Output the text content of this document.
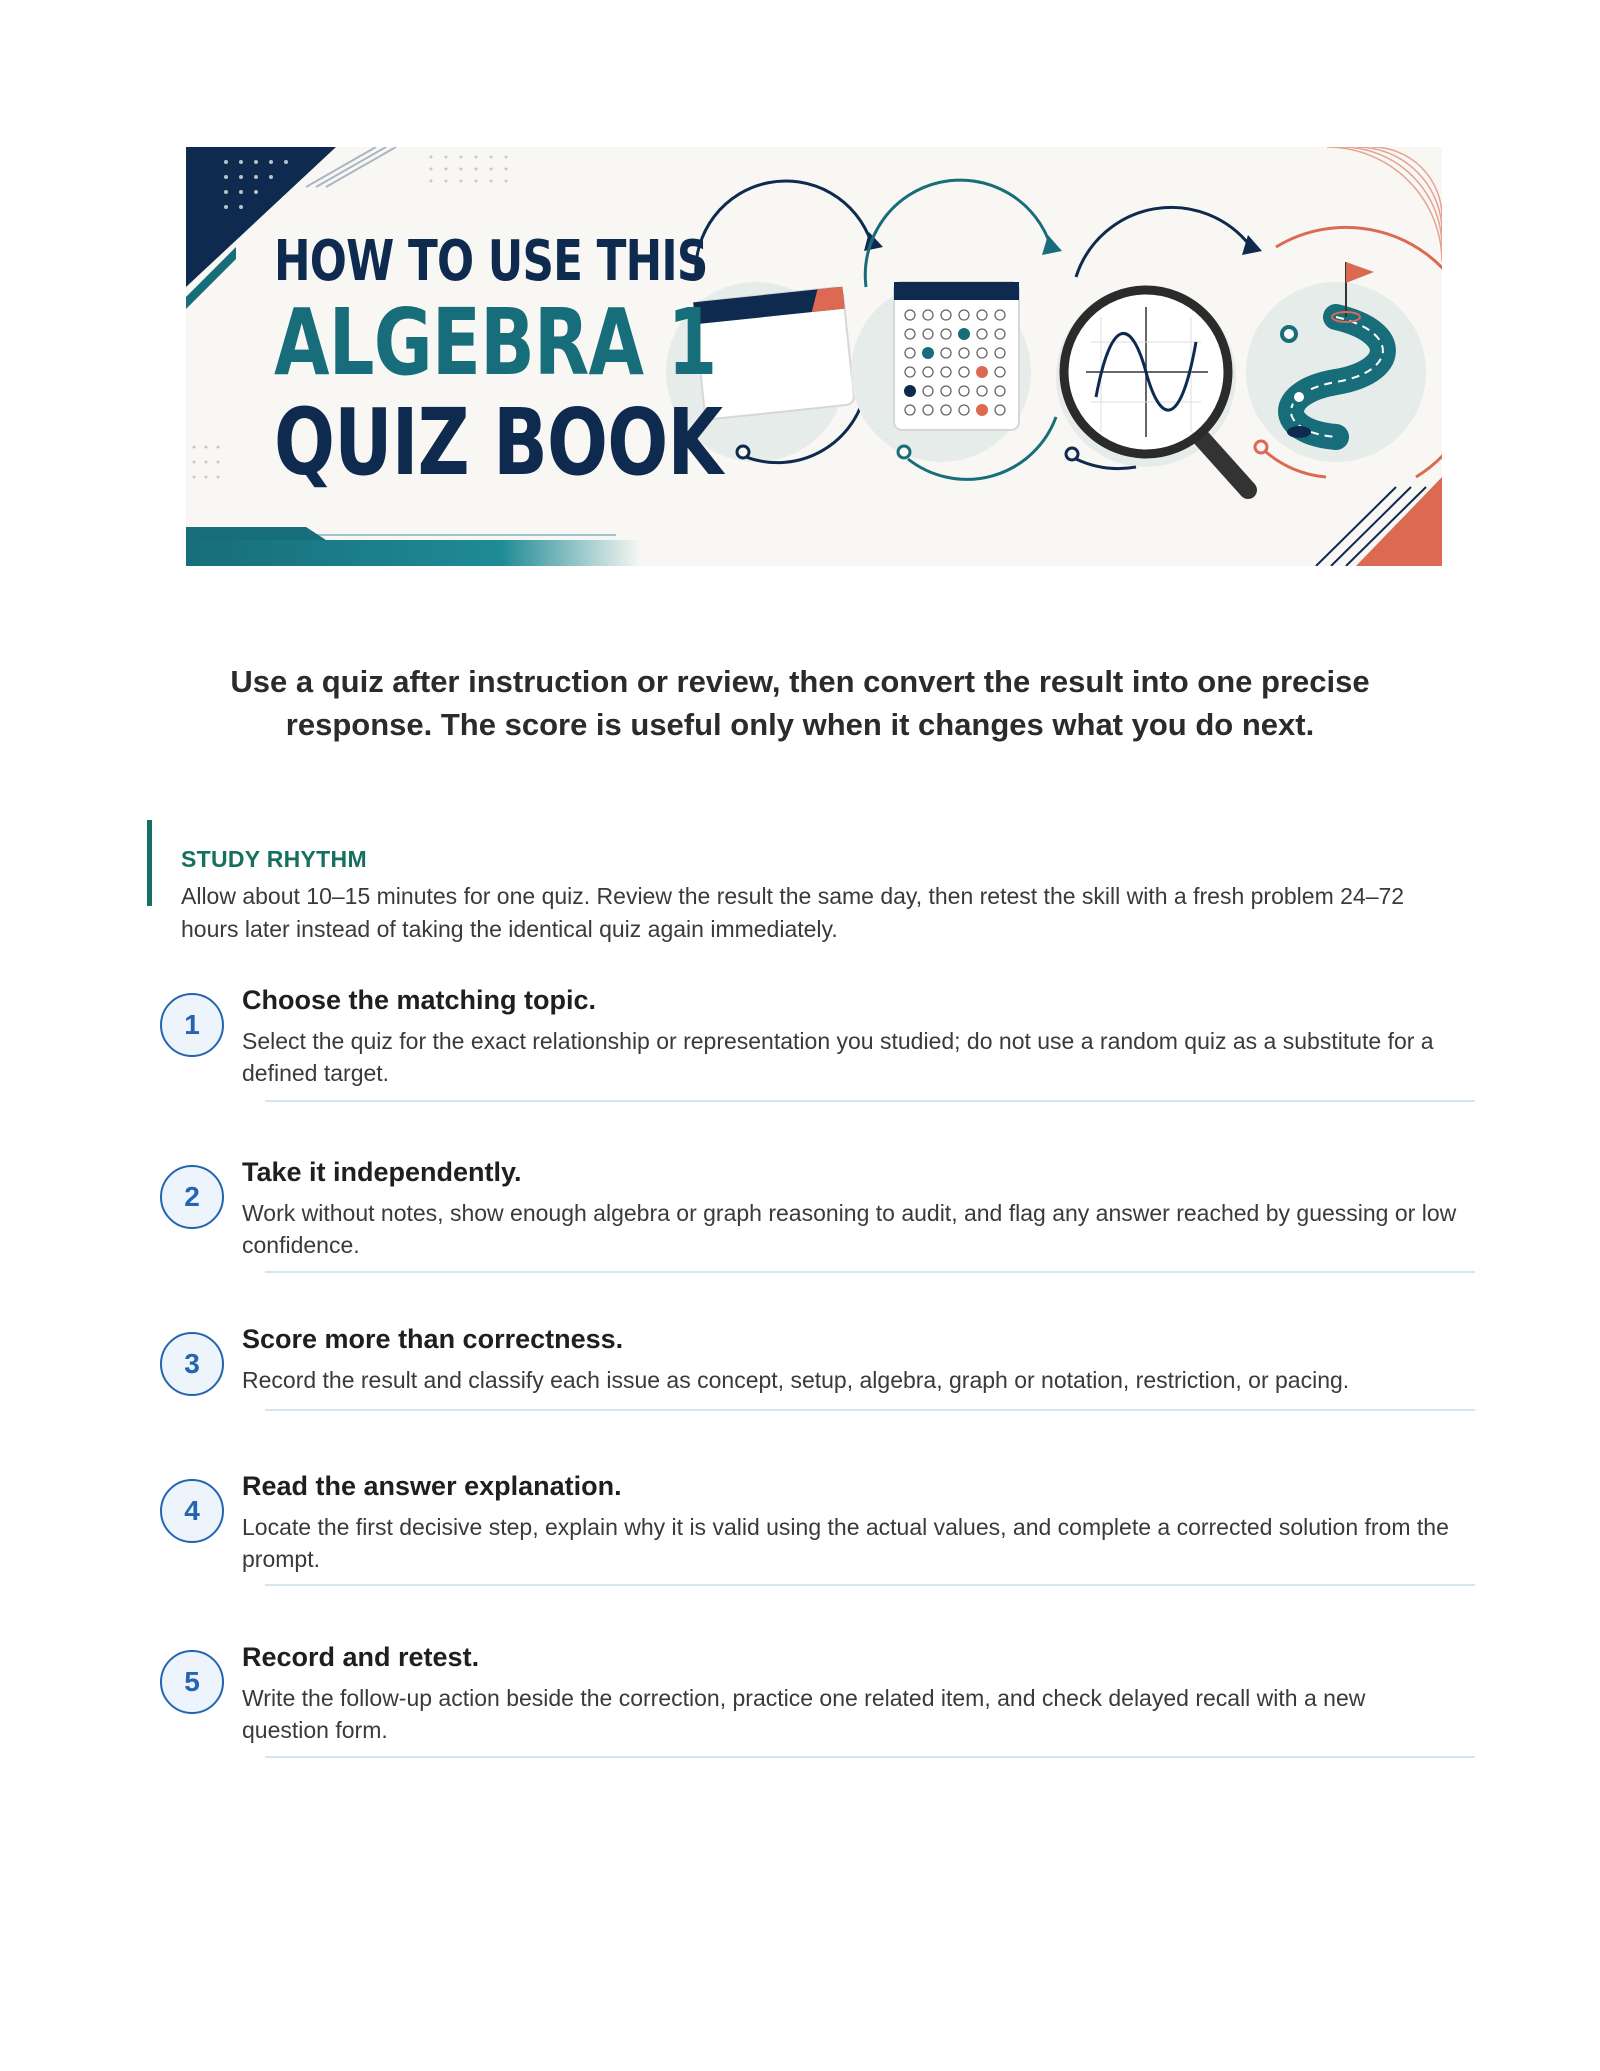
HOW TO USE THIS

ALGEBRA 1

QUIZ BOOK

Use a quiz after instruction or review, then convert the result into one precise response. The score is useful only when it changes what you do next.

STUDY RHYTHM

Allow about 10–15 minutes for one quiz. Review the result the same day, then retest the skill with a fresh problem 24–72 hours later instead of taking the identical quiz again immediately.

1
Choose the matching topic.

Select the quiz for the exact relationship or representation you studied; do not use a random quiz as a substitute for a defined target.

2
Take it independently.

Work without notes, show enough algebra or graph reasoning to audit, and flag any answer reached by guessing or low confidence.

3
Score more than correctness.

Record the result and classify each issue as concept, setup, algebra, graph or notation, restriction, or pacing.

4
Read the answer explanation.

Locate the first decisive step, explain why it is valid using the actual values, and complete a corrected solution from the prompt.

5
Record and retest.

Write the follow-up action beside the correction, practice one related item, and check delayed recall with a new question form.
